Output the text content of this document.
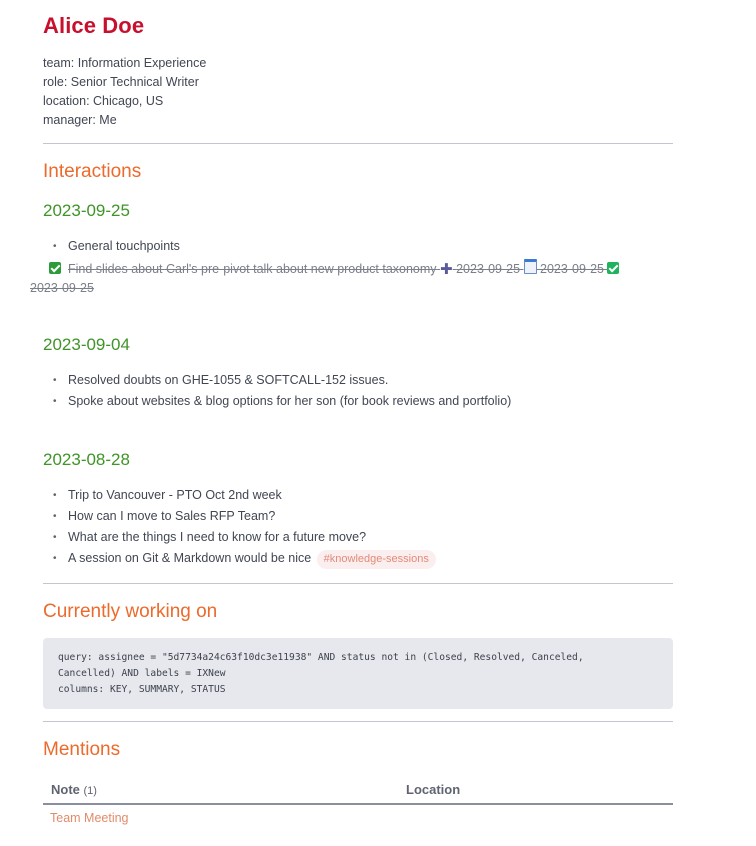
Alice Doe
team: Information Experience
role: Senior Technical Writer
location: Chicago, US
manager: Me
Interactions
2023-09-25
• General touchpoints
Find slides about Carl's pre-pivot talk about new product taxonomy ✚ 2023-09-25 2023-09-25
2023-09-25
2023-09-04
• Resolved doubts on GHE-1055 & SOFTCALL-152 issues.
• Spoke about websites & blog options for her son (for book reviews and portfolio)
2023-08-28
• Trip to Vancouver - PTO Oct 2nd week
• How can I move to Sales RFP Team?
• What are the things I need to know for a future move?
• A session on Git & Markdown would be nice #knowledge-sessions
Currently working on
query: assignee = "5d7734a24c63f10dc3e11938" AND status not in (Closed, Resolved, Canceled,
Cancelled) AND labels = IXNew
columns: KEY, SUMMARY, STATUS
Mentions
Note (1)	Location
Team Meeting	
